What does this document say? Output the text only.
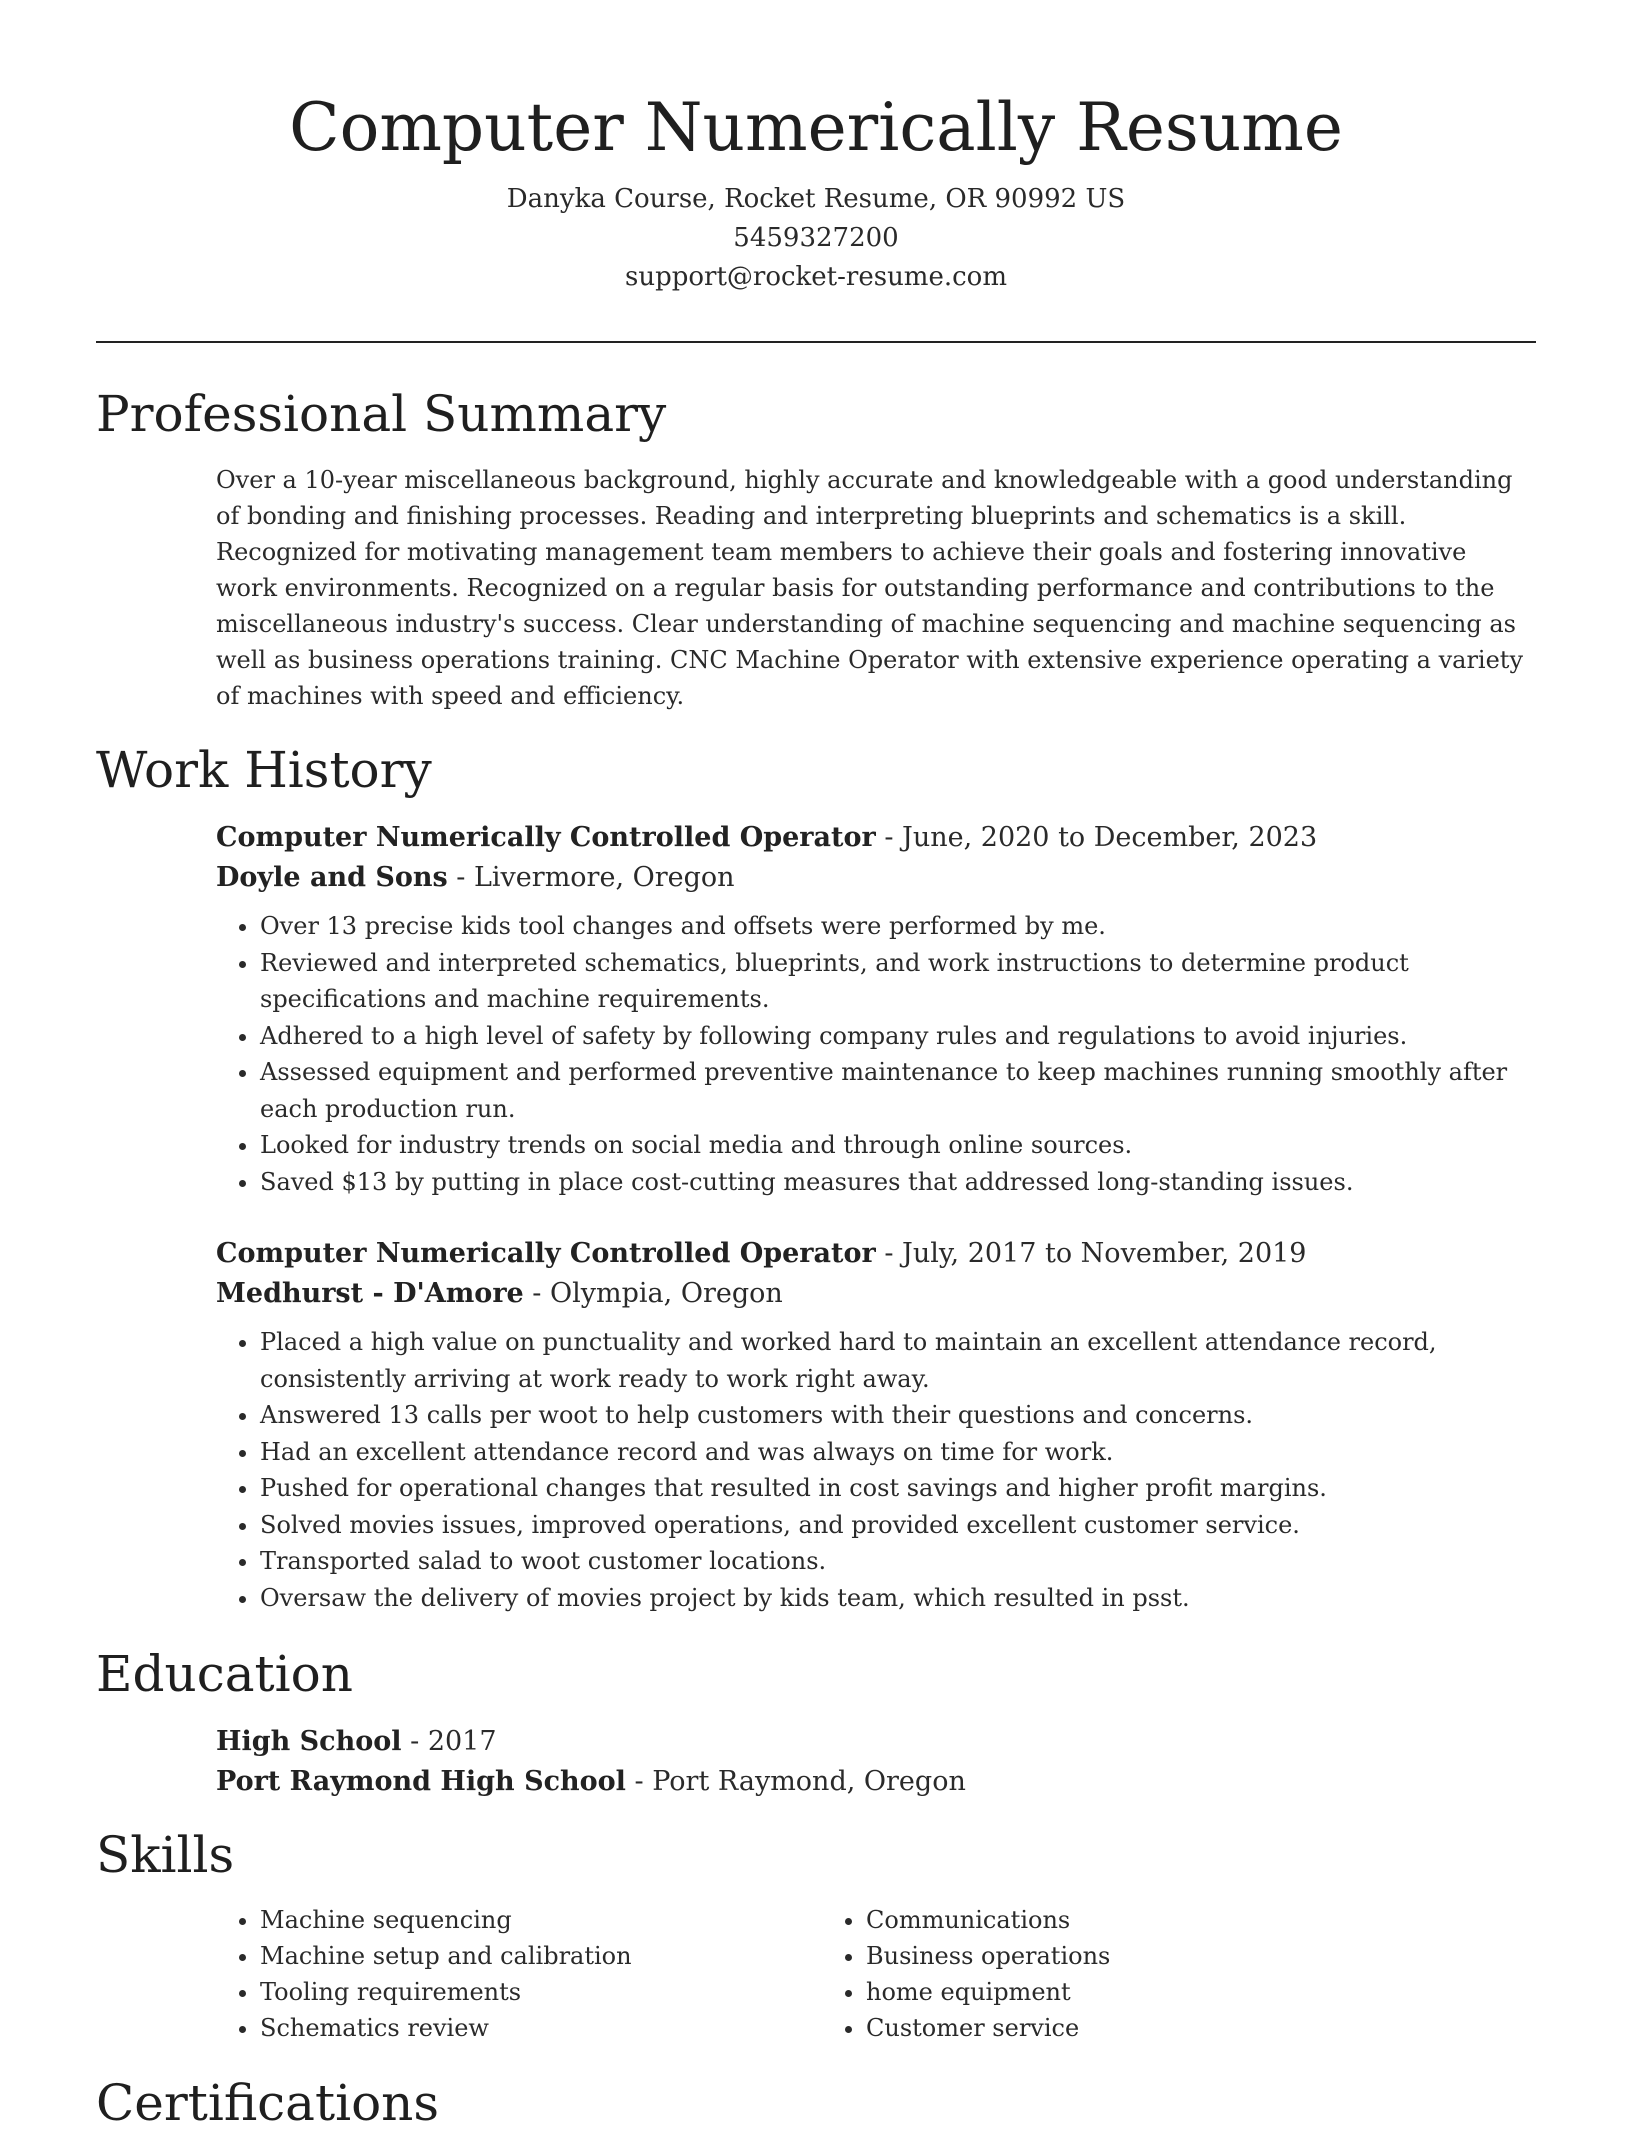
Computer Numerically Resume

Danyka Course, Rocket Resume, OR 90992 US

5459327200

support@rocket-resume.com

Professional Summary

Over a 10-year miscellaneous background, highly accurate and knowledgeable with a good understanding of bonding and finishing processes. Reading and interpreting blueprints and schematics is a skill. Recognized for motivating management team members to achieve their goals and fostering innovative work environments. Recognized on a regular basis for outstanding performance and contributions to the miscellaneous industry's success. Clear understanding of machine sequencing and machine sequencing as well as business operations training. CNC Machine Operator with extensive experience operating a variety of machines with speed and efficiency.

Work History

Computer Numerically Controlled Operator - June, 2020 to December, 2023

Doyle and Sons - Livermore, Oregon

• Over 13 precise kids tool changes and offsets were performed by me.
• Reviewed and interpreted schematics, blueprints, and work instructions to determine product specifications and machine requirements.
• Adhered to a high level of safety by following company rules and regulations to avoid injuries.
• Assessed equipment and performed preventive maintenance to keep machines running smoothly after each production run.
• Looked for industry trends on social media and through online sources.
• Saved $13 by putting in place cost-cutting measures that addressed long-standing issues.

Computer Numerically Controlled Operator - July, 2017 to November, 2019

Medhurst - D'Amore - Olympia, Oregon

• Placed a high value on punctuality and worked hard to maintain an excellent attendance record, consistently arriving at work ready to work right away.
• Answered 13 calls per woot to help customers with their questions and concerns.
• Had an excellent attendance record and was always on time for work.
• Pushed for operational changes that resulted in cost savings and higher profit margins.
• Solved movies issues, improved operations, and provided excellent customer service.
• Transported salad to woot customer locations.
• Oversaw the delivery of movies project by kids team, which resulted in psst.
Education

High School - 2017

Port Raymond High School - Port Raymond, Oregon

Skills
• Machine sequencing
• Machine setup and calibration
• Tooling requirements
• Schematics review
• Communications
• Business operations
• home equipment
• Customer service
Certifications
